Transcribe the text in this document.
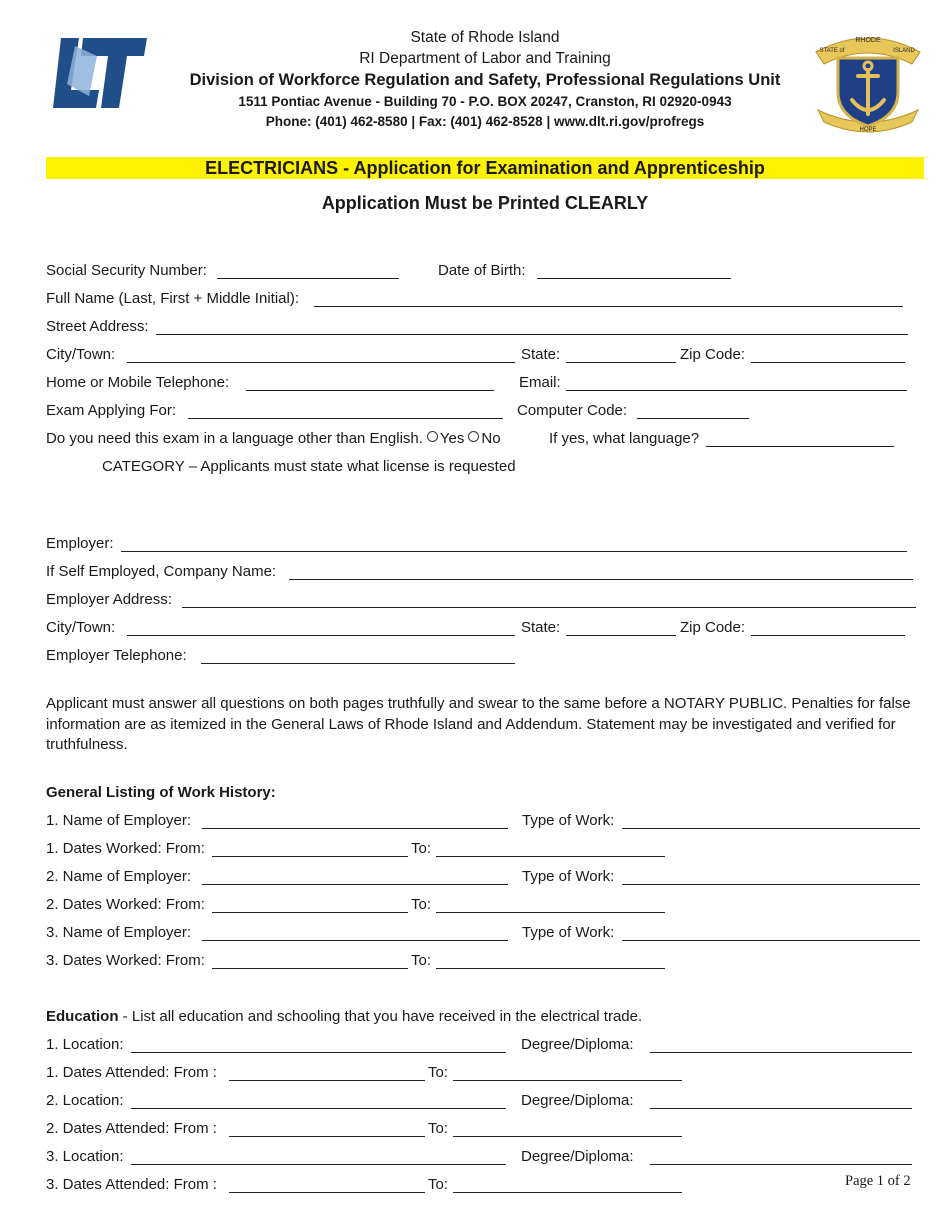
RHODE
STATE of	ISLAND
HOPE
State of Rhode Island
RI Department of Labor and Training
Division of Workforce Regulation and Safety, Professional Regulations Unit
1511 Pontiac Avenue - Building 70 - P.O. BOX 20247, Cranston, RI 02920-0943
Phone: (401) 462-8580 | Fax: (401) 462-8528 | www.dlt.ri.gov/profregs
ELECTRICIANS - Application for Examination and Apprenticeship
Application Must be Printed CLEARLY
Social Security Number:	Date of Birth:
Full Name (Last, First + Middle Initial):
Street Address:
City/Town:	State:	Zip Code:
Home or Mobile Telephone:	Email:
Exam Applying For:	Computer Code:
Do you need this exam in a language other than English. Yes No	If yes, what language?
CATEGORY – Applicants must state what license is requested
Employer:
If Self Employed, Company Name:
Employer Address:
City/Town:	State:	Zip Code:
Employer Telephone:
Applicant must answer all questions on both pages truthfully and swear to the same before a NOTARY PUBLIC. Penalties for false information are as itemized in the General Laws of Rhode Island and Addendum. Statement may be investigated and verified for truthfulness.
General Listing of Work History:
1. Name of Employer:	Type of Work:
1. Dates Worked: From:	To:
2. Name of Employer:	Type of Work:
2. Dates Worked: From:	To:
3. Name of Employer:	Type of Work:
3. Dates Worked: From:	To:
Education - List all education and schooling that you have received in the electrical trade.
1. Location:	Degree/Diploma:
1. Dates Attended: From :	To:
2. Location:	Degree/Diploma:
2. Dates Attended: From :	To:
3. Location:	Degree/Diploma:
3. Dates Attended: From :	To:	Page 1 of 2
